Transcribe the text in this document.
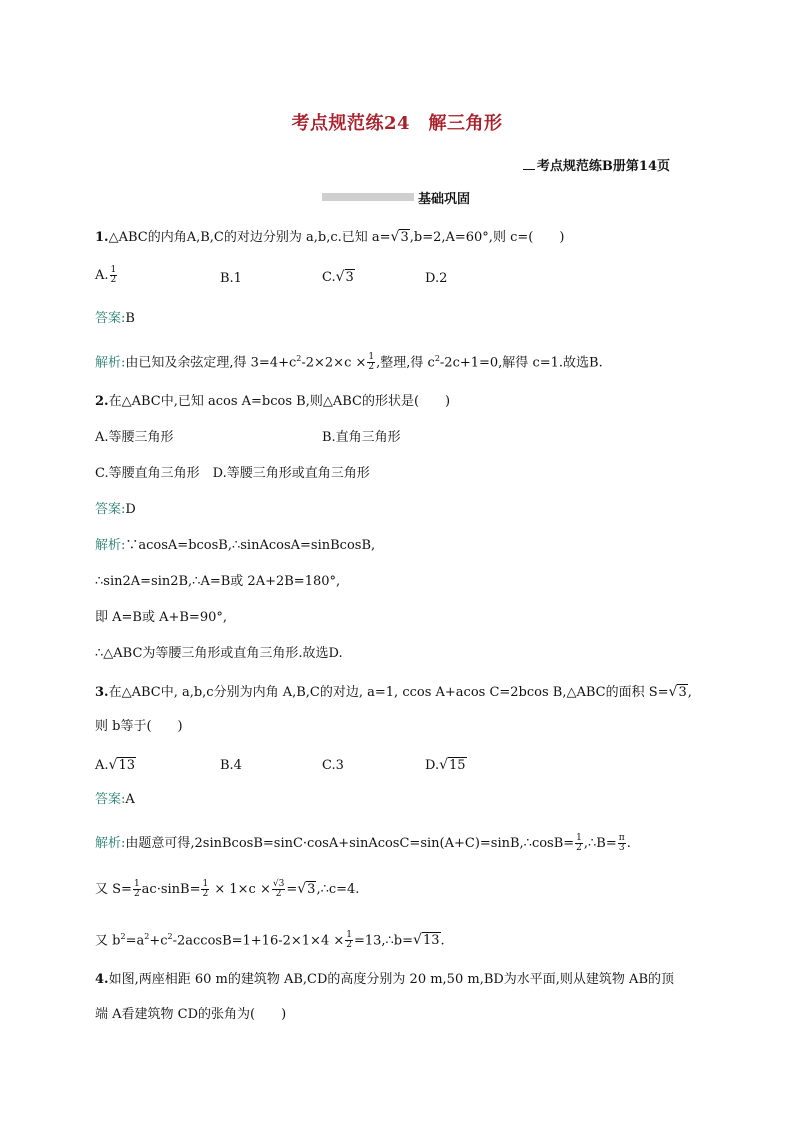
考点规范练24　解三角形
考点规范练B册第14页
基础巩固
1.△ABC的内角A,B,C的对边分别为 a,b,c.已知 a=√3,b=2,A=60°,则 c=(　　)
A. $\frac{1}{2}$	B.1	C.√3	D.2
答案:B
解析:由已知及余弦定理,得 $3=4+c^2-2\times 2\times c \times \frac{1}{2}$ ,整理,得 $c^2-2c+1=0$,解得 c=1.故选B.
2.在△ABC中,已知 acos A=bcos B,则△ABC的形状是(　　)
A.等腰三角形	B.直角三角形
C.等腰直角三角形　D.等腰三角形或直角三角形
答案:D
解析:∵acosA=bcosB,∴sinAcosA=sinBcosB,
∴sin2A=sin2B,∴A=B或 2A+2B=180°,
即 A=B或 A+B=90°,
∴△ABC为等腰三角形或直角三角形.故选D.
3.在△ABC中, a,b,c分别为内角 A,B,C的对边, a=1, ccos A+acos C=2bcos B,△ABC的面积 S=√3,
则 b等于(　　)
A.√13	B.4	C.3	D.√15
答案:A
解析:由题意可得,2sinBcosB=sinC·cosA+sinAcosC=sin(A+C)=sinB,∴cosB= $\frac{1}{2}$ ,∴B= $\frac{\pi}{3}$ .
又 $S= \frac{1}{2} ac\cdot\sin B= \frac{1}{2} \times 1\times c \times \frac{√3}{2}$ =√3,∴c=4.
又 $b^2=a^2+c^2-2accosB=1+16-2\times 1\times 4 \times \frac{1}{2}$ =13,∴b=√13.
4.如图,两座相距 60 m的建筑物 AB,CD的高度分别为 20 m,50 m,BD为水平面,则从建筑物 AB的顶
端 A看建筑物 CD的张角为(　　)
